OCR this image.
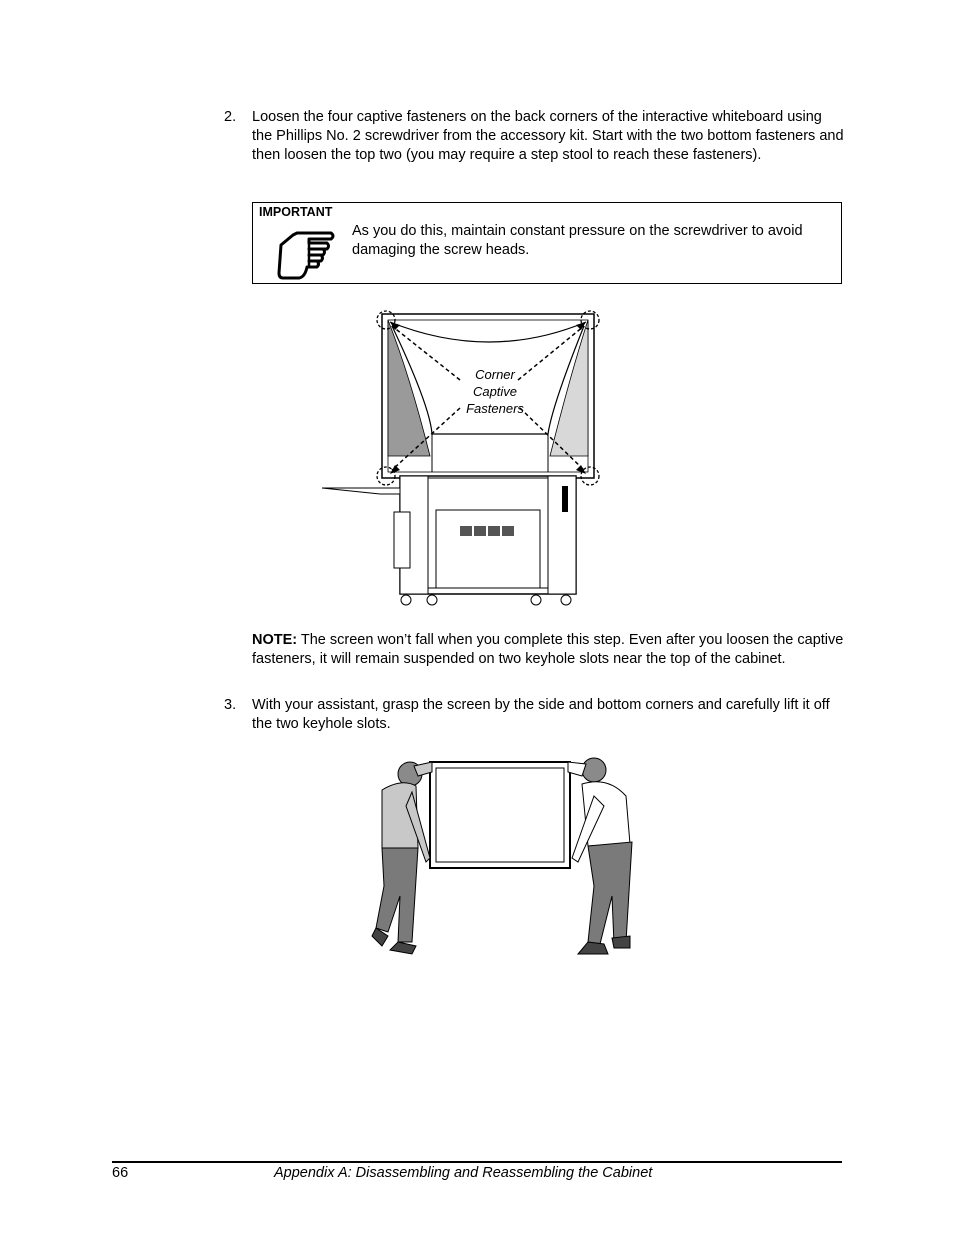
2. Loosen the four captive fasteners on the back corners of the interactive whiteboard using the Phillips No. 2 screwdriver from the accessory kit. Start with the two bottom fasteners and then loosen the top two (you may require a step stool to reach these fasteners).
IMPORTANT
As you do this, maintain constant pressure on the screwdriver to avoid damaging the screw heads.
Corner
Captive
Fasteners
NOTE: The screen won’t fall when you complete this step. Even after you loosen the captive fasteners, it will remain suspended on two keyhole slots near the top of the cabinet.
3. With your assistant, grasp the screen by the side and bottom corners and carefully lift it off the two keyhole slots.
66	Appendix A: Disassembling and Reassembling the Cabinet
